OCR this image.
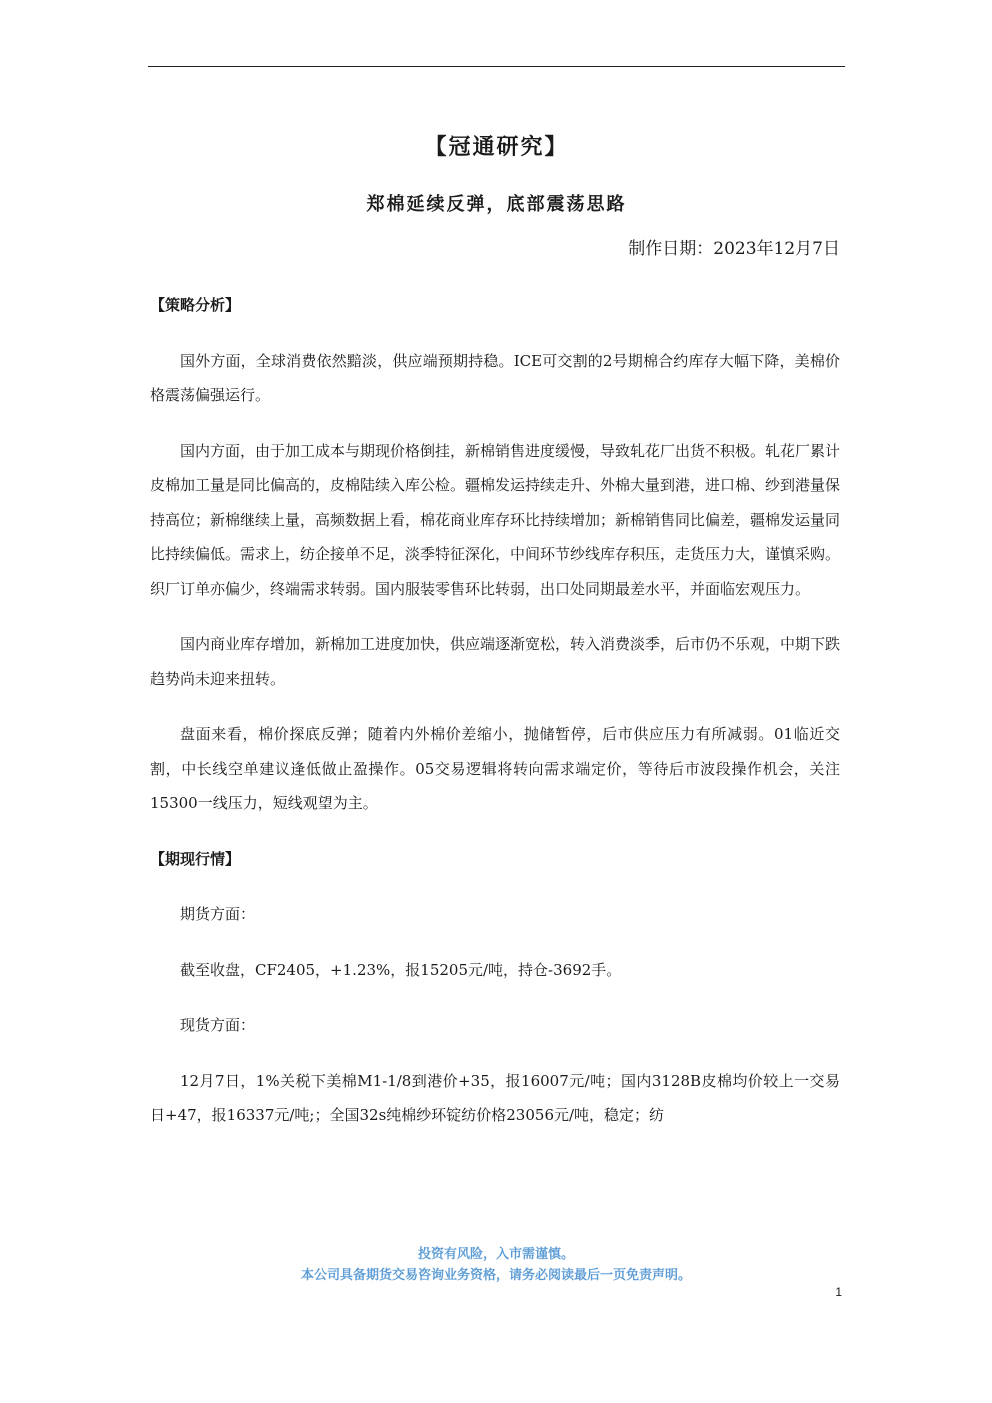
【冠通研究】
郑棉延续反弹，底部震荡思路
制作日期：2023年12月7日
【策略分析】

国外方面，全球消费依然黯淡，供应端预期持稳。ICE可交割的2号期棉合约库存大幅下降，美棉价格震荡偏强运行。

国内方面，由于加工成本与期现价格倒挂，新棉销售进度缓慢，导致轧花厂出货不积极。轧花厂累计皮棉加工量是同比偏高的，皮棉陆续入库公检。疆棉发运持续走升、外棉大量到港，进口棉、纱到港量保持高位；新棉继续上量，高频数据上看，棉花商业库存环比持续增加；新棉销售同比偏差，疆棉发运量同比持续偏低。需求上，纺企接单不足，淡季特征深化，中间环节纱线库存积压，走货压力大，谨慎采购。织厂订单亦偏少，终端需求转弱。国内服装零售环比转弱，出口处同期最差水平，并面临宏观压力。

国内商业库存增加，新棉加工进度加快，供应端逐渐宽松，转入消费淡季，后市仍不乐观，中期下跌趋势尚未迎来扭转。

盘面来看，棉价探底反弹；随着内外棉价差缩小，抛储暂停，后市供应压力有所减弱。01临近交割，中长线空单建议逢低做止盈操作。05交易逻辑将转向需求端定价，等待后市波段操作机会，关注15300一线压力，短线观望为主。

【期现行情】

期货方面：

截至收盘，CF2405，+1.23%，报15205元/吨，持仓-3692手。

现货方面：

12月7日，1%关税下美棉M1-1/8到港价+35，报16007元/吨；国内3128B皮棉均价较上一交易日+47，报16337元/吨;；全国32s纯棉纱环锭纺价格23056元/吨，稳定；纺

投资有风险，入市需谨慎。
本公司具备期货交易咨询业务资格，请务必阅读最后一页免责声明。
1
